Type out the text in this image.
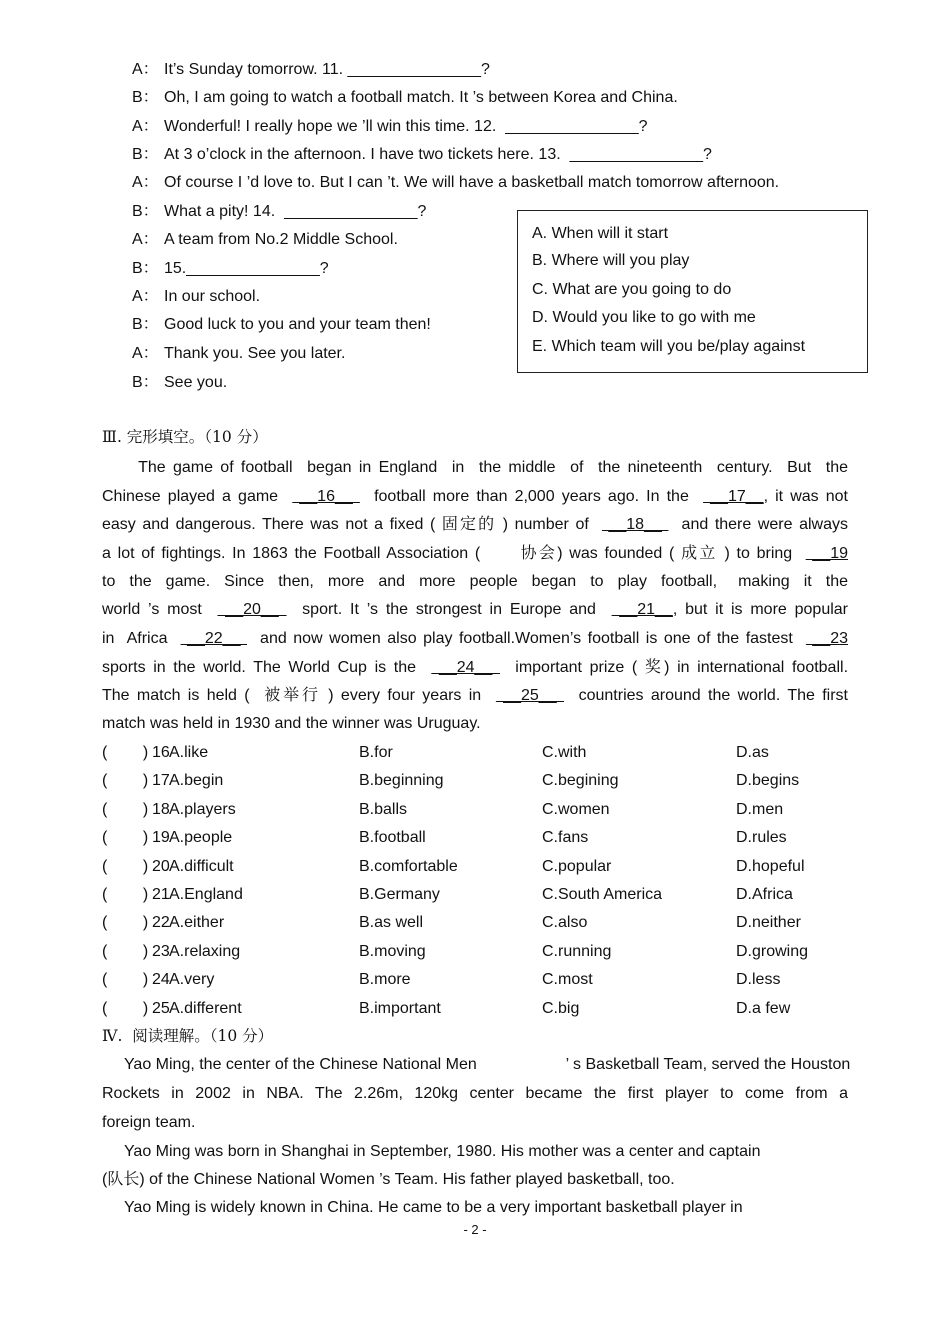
A： It’s Sunday tomorrow. 11. _______________?
B： Oh, I am going to watch a football match. It ’s between Korea and China.
A： Wonderful! I really hope we ’ll win this time. 12.  _______________?
B： At 3 o’clock in the afternoon. I have two tickets here. 13.  _______________?
A： Of course I ’d love to. But I can ’t. We will have a basketball match tomorrow afternoon.
B： What a pity! 14.  _______________?
A： A team from No.2 Middle School.
B： 15._______________?
A： In our school.
B： Good luck to you and your team then!
A： Thank you. See you later.
B： See you.
A. When will it start
B. Where will you play
C. What are you going to do
D. Would you like to go with me
E. Which team will you be/play against
Ⅲ. 完形填空。（10 分）
The game of football  began in England  in  the middle  of  the nineteenth  century.  But  the
Chinese played a game   __16__   football more than 2,000 years ago. In the   __17__, it was not
easy and dangerous. There was not a fixed ( 固定的 ) number of   __18__   and there were always
a lot of fightings. In 1863 the Football Association (      协会) was founded ( 成立 ) to bring   __19
to  the  game.  Since  then,  more  and  more  people  began  to  play  football,   making  it  the
world ’s most   __20__   sport. It ’s the strongest in Europe and   __21__, but it is more popular
in  Africa   __22__   and now women also play football.Women’s football is one of the fastest   __23
sports in the world. The World Cup is the   __24__   important prize ( 奖) in international football.
The match is held (  被举行 ) every four years in   __25__   countries around the world. The first
match was held in 1930 and the winner was Uruguay.
(        ) 16 A.like	B.for	C.with	D.as
(        ) 17 A.begin	B.beginning	C.begining	D.begins
(        ) 18 A.players	B.balls	C.women	D.men
(        ) 19 A.people	B.football	C.fans	D.rules
(        ) 20 A.difficult	B.comfortable	C.popular	D.hopeful
(        ) 21 A.England	B.Germany	C.South America	D.Africa
(        ) 22 A.either	B.as well	C.also	D.neither
(        ) 23 A.relaxing	B.moving	C.running	D.growing
(        ) 24 A.very	B.more	C.most	D.less
(        ) 25 A.different	B.important	C.big	D.a few
Ⅳ.  阅读理解。（10 分）
Yao Ming, the center of the Chinese National Men                    ’ s Basketball Team, served the Houston
Rockets in 2002 in NBA. The 2.26m, 120kg center became the first player to come from a
foreign team.
Yao Ming was born in Shanghai in September, 1980. His mother was a center and captain
(队长) of the Chinese National Women ’s Team. His father played basketball, too.
Yao Ming is widely known in China. He came to be a very important basketball player in
- 2 -
